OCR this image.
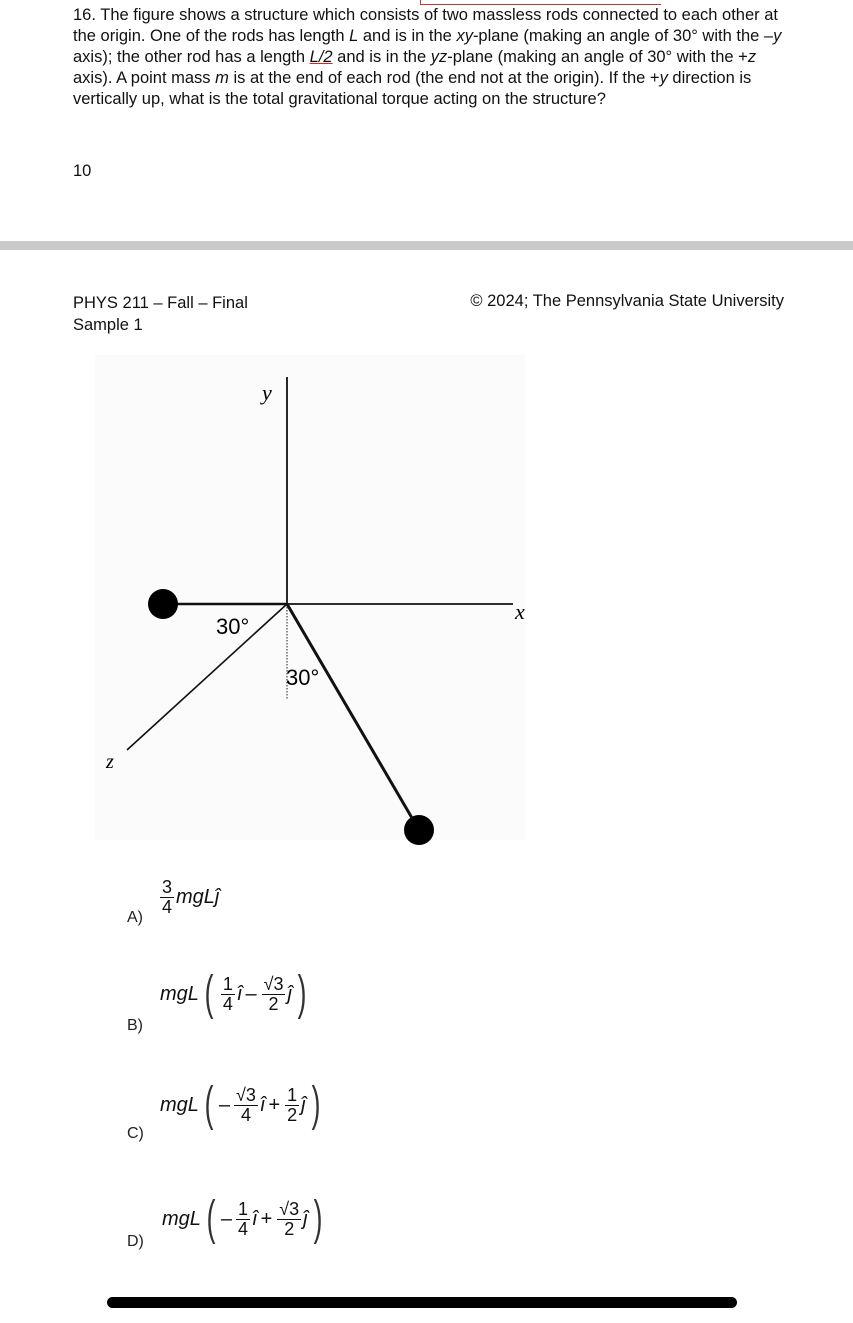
16. The figure shows a structure which consists of two massless rods connected to each other at the origin. One of the rods has length L and is in the xy-plane (making an angle of 30° with the –y axis); the other rod has a length L/2 and is in the yz-plane (making an angle of 30° with the +z axis). A point mass m is at the end of each rod (the end not at the origin). If the +y direction is vertically up, what is the total gravitational torque acting on the structure?

10
PHYS 211 – Fall – Final
Sample 1
© 2024; The Pennsylvania State University
y
x
z
30°
30°
A)
$\frac{3}{4}$ mgLĵ
B)
mgL ( $\frac{1}{4}$ î – $\frac{√3}{2}$ ĵ )
C)
mgL ( – $\frac{√3}{4}$ î + $\frac{1}{2}$ ĵ )
D)
mgL ( – $\frac{1}{4}$ î + $\frac{√3}{2}$ ĵ )
